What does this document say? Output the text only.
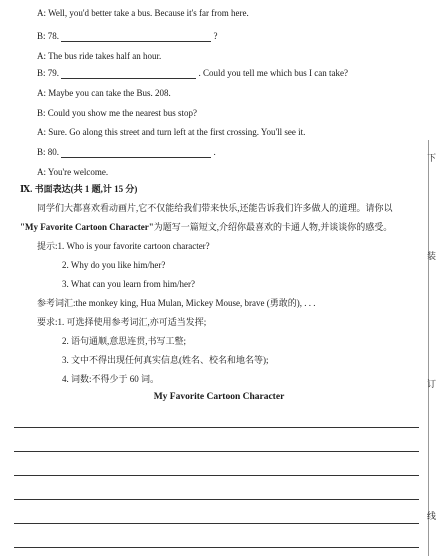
A: Well, you'd better take a bus. Because it's far from here.
B: 78.	?
A: The bus ride takes half an hour.
B: 79.	. Could you tell me which bus I can take?
A: Maybe you can take the Bus. 208.
B: Could you show me the nearest bus stop?
A: Sure. Go along this street and turn left at the first crossing. You'll see it.
B: 80.	.
A: You're welcome.
Ⅸ. 书面表达(共 1 题,计 15 分)
同学们大都喜欢看动画片,它不仅能给我们带来快乐,还能告诉我们许多做人的道理。请你以
"My Favorite Cartoon Character"为题写一篇短文,介绍你最喜欢的卡通人物,并谈谈你的感受。
提示:1. Who is your favorite cartoon character?
2. Why do you like him/her?
3. What can you learn from him/her?
参考词汇:the monkey king, Hua Mulan, Mickey Mouse, brave (勇敢的), . . .
要求:1. 可选择使用参考词汇,亦可适当发挥;
2. 语句通顺,意思连贯,书写工整;
3. 文中不得出现任何真实信息(姓名、校名和地名等);
4. 词数:不得少于 60 词。
My Favorite Cartoon Character
下
装
订
线
